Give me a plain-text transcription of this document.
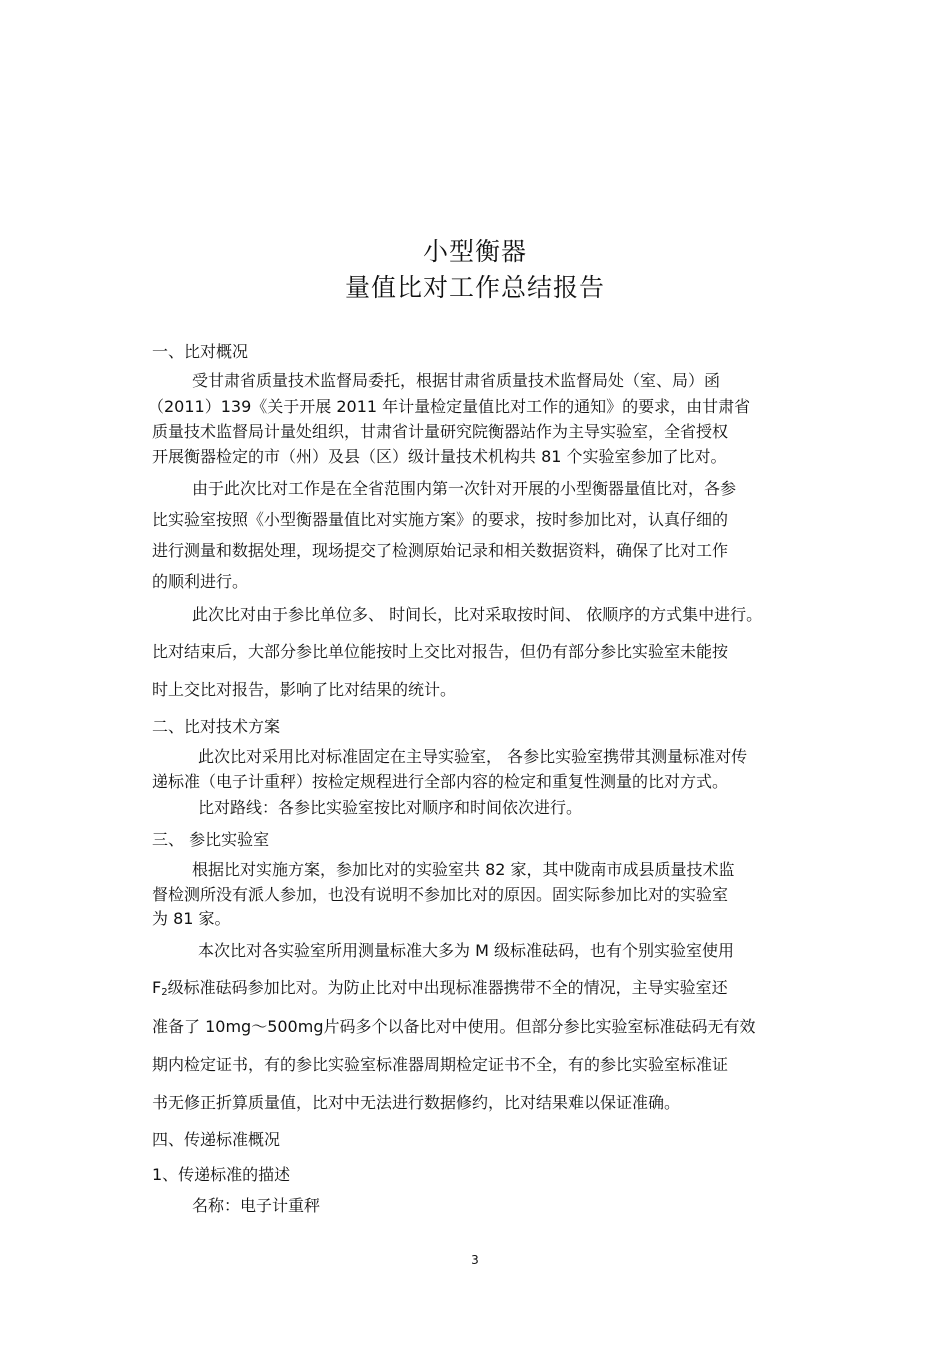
小型衡器
量值比对工作总结报告
一、比对概况
受甘肃省质量技术监督局委托，根据甘肃省质量技术监督局处（室、局）函
（2011）139《关于开展 2011 年计量检定量值比对工作的通知》的要求，由甘肃省
质量技术监督局计量处组织，甘肃省计量研究院衡器站作为主导实验室，全省授权
开展衡器检定的市（州）及县（区）级计量技术机构共 81 个实验室参加了比对。
由于此次比对工作是在全省范围内第一次针对开展的小型衡器量值比对，各参
比实验室按照《小型衡器量值比对实施方案》的要求，按时参加比对，认真仔细的
进行测量和数据处理，现场提交了检测原始记录和相关数据资料，确保了比对工作
的顺利进行。
此次比对由于参比单位多、 时间长，比对采取按时间、 依顺序的方式集中进行。
比对结束后，大部分参比单位能按时上交比对报告，但仍有部分参比实验室未能按
时上交比对报告，影响了比对结果的统计。
二、比对技术方案
此次比对采用比对标准固定在主导实验室， 各参比实验室携带其测量标准对传
递标准（电子计重秤）按检定规程进行全部内容的检定和重复性测量的比对方式。
比对路线：各参比实验室按比对顺序和时间依次进行。
三、 参比实验室
根据比对实施方案，参加比对的实验室共 82 家，其中陇南市成县质量技术监
督检测所没有派人参加，也没有说明不参加比对的原因。固实际参加比对的实验室
为 81 家。
本次比对各实验室所用测量标准大多为 M 级标准砝码，也有个别实验室使用
$F_2$级标准砝码参加比对。为防止比对中出现标准器携带不全的情况，主导实验室还
准备了 10mg～500mg片码多个以备比对中使用。但部分参比实验室标准砝码无有效
期内检定证书，有的参比实验室标准器周期检定证书不全，有的参比实验室标准证
书无修正折算质量值，比对中无法进行数据修约，比对结果难以保证准确。
四、传递标准概况
1、传递标准的描述
名称：电子计重秤
3
